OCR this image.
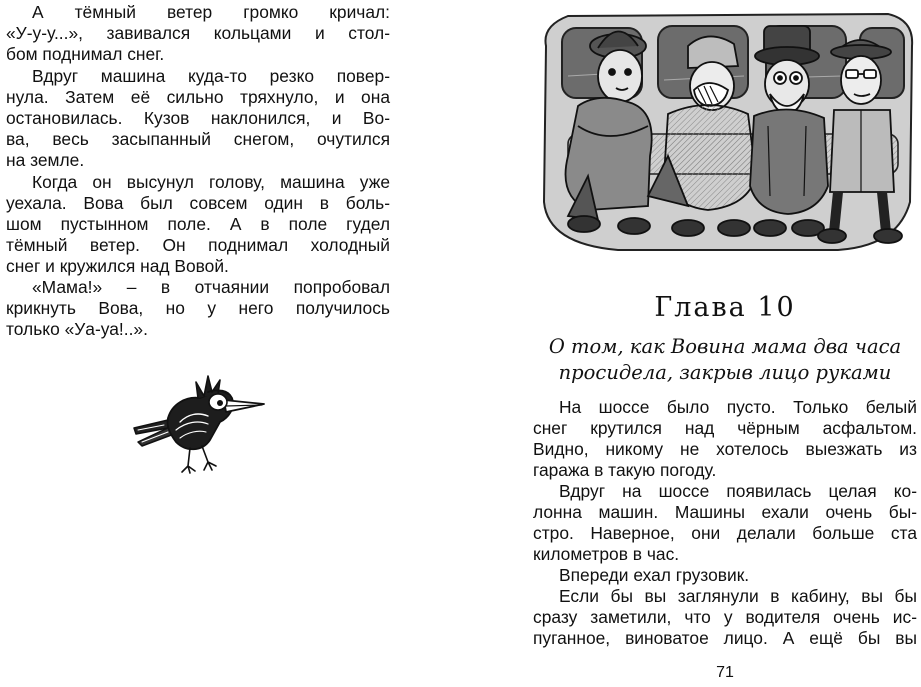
А тёмный ветер громко кричал:
«У-у-у...», завивался кольцами и стол-
бом поднимал снег.
Вдруг машина куда-то резко повер-
нула. Затем её сильно тряхнуло, и она
остановилась. Кузов наклонился, и Во-
ва, весь засыпанный снегом, очутился
на земле.
Когда он высунул голову, машина уже
уехала. Вова был совсем один в боль-
шом пустынном поле. А в поле гудел
тёмный ветер. Он поднимал холодный
снег и кружился над Вовой.
«Мама!» – в отчаянии попробовал
крикнуть Вова, но у него получилось
только «Уа-уа!..».
Глава 10
О том, как Вовина мама два часа
просидела, закрыв лицо руками
На шоссе было пусто. Только белый
снег крутился над чёрным асфальтом.
Видно, никому не хотелось выезжать из
гаража в такую погоду.
Вдруг на шоссе появилась целая ко-
лонна машин. Машины ехали очень бы-
стро. Наверное, они делали больше ста
километров в час.
Впереди ехал грузовик.
Если бы вы заглянули в кабину, вы бы
сразу заметили, что у водителя очень ис-
пуганное, виноватое лицо. А ещё бы вы
71
